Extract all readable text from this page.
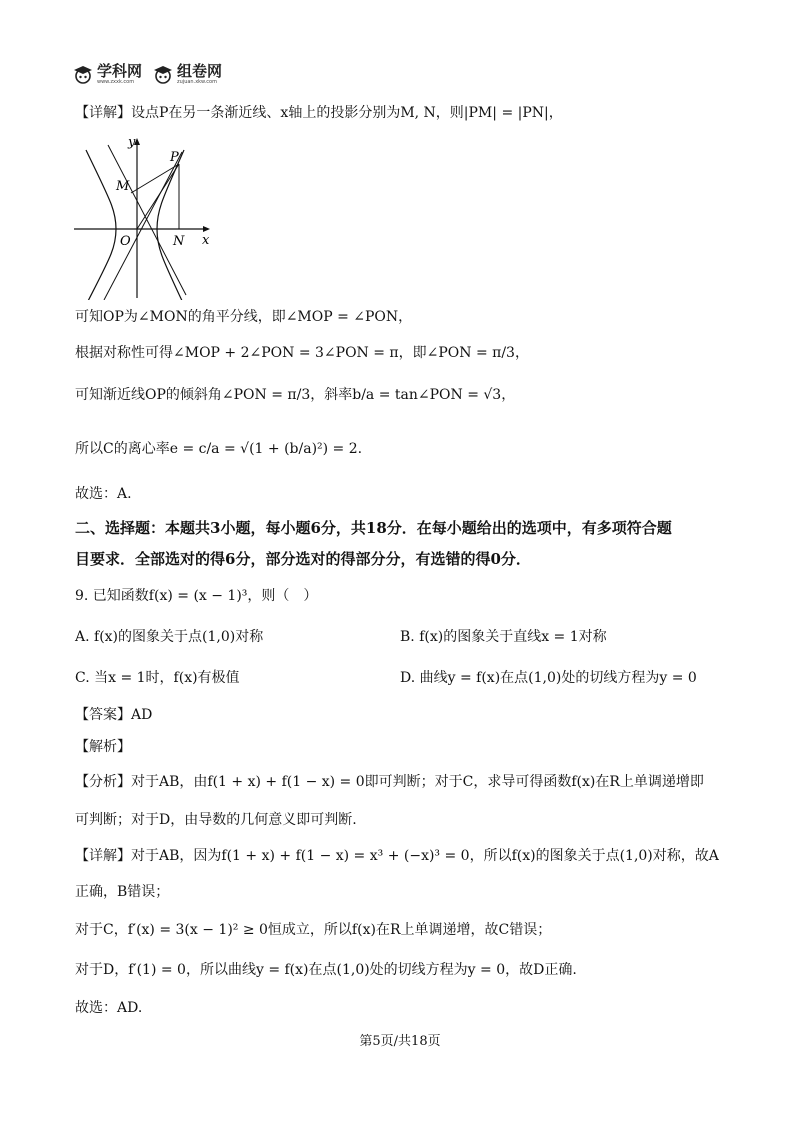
学科网
www.zxxk.com
组卷网
zujuan.xkw.com
【详解】设点P在另一条渐近线、x轴上的投影分别为M, N，则|PM| = |PN|，
y
P
M
O	N x
可知OP为∠MON的角平分线，即∠MOP = ∠PON，
根据对称性可得∠MOP + 2∠PON = 3∠PON = π，即∠PON = π/3，
可知渐近线OP的倾斜角∠PON = π/3，斜率b/a = tan∠PON = √3，
所以C的离心率e = c/a = √(1 + (b/a)²) = 2.
故选：A.
二、选择题：本题共3小题，每小题6分，共18分．在每小题给出的选项中，有多项符合题
目要求．全部选对的得6分，部分选对的得部分分，有选错的得0分．
9. 已知函数f(x) = (x − 1)³，则（　）
A. f(x)的图象关于点(1,0)对称	B. f(x)的图象关于直线x = 1对称
C. 当x = 1时，f(x)有极值	D. 曲线y = f(x)在点(1,0)处的切线方程为y = 0
【答案】AD
【解析】
【分析】对于AB，由f(1 + x) + f(1 − x) = 0即可判断；对于C，求导可得函数f(x)在R上单调递增即
可判断；对于D，由导数的几何意义即可判断.
【详解】对于AB，因为f(1 + x) + f(1 − x) = x³ + (−x)³ = 0，所以f(x)的图象关于点(1,0)对称，故A
正确，B错误；
对于C，f′(x) = 3(x − 1)² ≥ 0恒成立，所以f(x)在R上单调递增，故C错误；
对于D，f′(1) = 0，所以曲线y = f(x)在点(1,0)处的切线方程为y = 0，故D正确.
故选：AD.
第5页/共18页
